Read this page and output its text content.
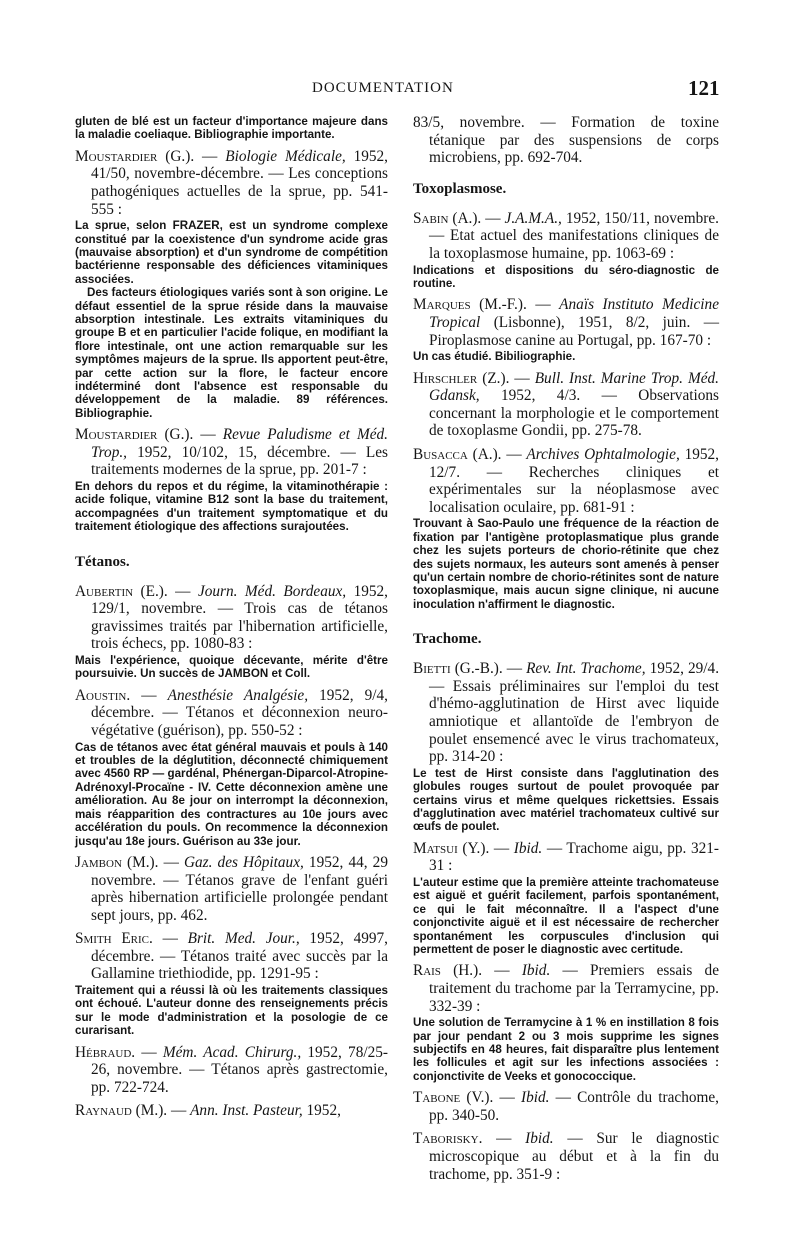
DOCUMENTATION	121

gluten de blé est un facteur d'importance majeure dans la maladie coeliaque. Bibliographie importante.

Moustardier (G.). — Biologie Médicale, 1952, 41/50, novembre-décembre. — Les conceptions pathogéniques actuelles de la sprue, pp. 541-555 :

La sprue, selon FRAZER, est un syndrome complexe constitué par la coexistence d'un syndrome acide gras (mauvaise absorption) et d'un syndrome de compétition bactérienne responsable des déficiences vitaminiques associées.

Des facteurs étiologiques variés sont à son origine. Le défaut essentiel de la sprue réside dans la mauvaise absorption intestinale. Les extraits vitaminiques du groupe B et en particulier l'acide folique, en modifiant la flore intestinale, ont une action remarquable sur les symptômes majeurs de la sprue. Ils apportent peut-être, par cette action sur la flore, le facteur encore indéterminé dont l'absence est responsable du développement de la maladie. 89 références. Bibliographie.

Moustardier (G.). — Revue Paludisme et Méd. Trop., 1952, 10/102, 15, décembre. — Les traitements modernes de la sprue, pp. 201-7 :

En dehors du repos et du régime, la vitaminothérapie : acide folique, vitamine B12 sont la base du traitement, accompagnées d'un traitement symptomatique et du traitement étiologique des affections surajoutées.

Tétanos.
Aubertin (E.). — Journ. Méd. Bordeaux, 1952, 129/1, novembre. — Trois cas de tétanos gravissimes traités par l'hibernation artificielle, trois échecs, pp. 1080-83 :

Mais l'expérience, quoique décevante, mérite d'être poursuivie. Un succès de JAMBON et Coll.

Aoustin. — Anesthésie Analgésie, 1952, 9/4, décembre. — Tétanos et déconnexion neuro-végétative (guérison), pp. 550-52 :

Cas de tétanos avec état général mauvais et pouls à 140 et troubles de la déglutition, déconnecté chimiquement avec 4560 RP — gardénal, Phénergan-Diparcol-Atropine-Adrénoxyl-Procaïne - IV. Cette déconnexion amène une amélioration. Au 8e jour on interrompt la déconnexion, mais réapparition des contractures au 10e jours avec accélération du pouls. On recommence la déconnexion jusqu'au 18e jours. Guérison au 33e jour.

Jambon (M.). — Gaz. des Hôpitaux, 1952, 44, 29 novembre. — Tétanos grave de l'enfant guéri après hibernation artificielle prolongée pendant sept jours, pp. 462.
Smith Eric. — Brit. Med. Jour., 1952, 4997, décembre. — Tétanos traité avec succès par la Gallamine triethiodide, pp. 1291-95 :

Traitement qui a réussi là où les traitements classiques ont échoué. L'auteur donne des renseignements précis sur le mode d'administration et la posologie de ce curarisant.

Hébraud. — Mém. Acad. Chirurg., 1952, 78/25-26, novembre. — Tétanos après gastrectomie, pp. 722-724.
Raynaud (M.). — Ann. Inst. Pasteur, 1952,
83/5, novembre. — Formation de toxine tétanique par des suspensions de corps microbiens, pp. 692-704.
Toxoplasmose.
Sabin (A.). — J.A.M.A., 1952, 150/11, novembre. — Etat actuel des manifestations cliniques de la toxoplasmose humaine, pp. 1063-69 :

Indications et dispositions du séro-diagnostic de routine.

Marques (M.-F.). — Anaïs Instituto Medicine Tropical (Lisbonne), 1951, 8/2, juin. — Piroplasmose canine au Portugal, pp. 167-70 :

Un cas étudié. Bibiliographie.

Hirschler (Z.). — Bull. Inst. Marine Trop. Méd. Gdansk, 1952, 4/3. — Observations concernant la morphologie et le comportement de toxoplasme Gondii, pp. 275-78.
Busacca (A.). — Archives Ophtalmologie, 1952, 12/7. — Recherches cliniques et expérimentales sur la néoplasmose avec localisation oculaire, pp. 681-91 :

Trouvant à Sao-Paulo une fréquence de la réaction de fixation par l'antigène protoplasmatique plus grande chez les sujets porteurs de chorio-rétinite que chez des sujets normaux, les auteurs sont amenés à penser qu'un certain nombre de chorio-rétinites sont de nature toxoplasmique, mais aucun signe clinique, ni aucune inoculation n'affirment le diagnostic.

Trachome.
Bietti (G.-B.). — Rev. Int. Trachome, 1952, 29/4. — Essais préliminaires sur l'emploi du test d'hémo-agglutination de Hirst avec liquide amniotique et allantoïde de l'embryon de poulet ensemencé avec le virus trachomateux, pp. 314-20 :

Le test de Hirst consiste dans l'agglutination des globules rouges surtout de poulet provoquée par certains virus et même quelques rickettsies. Essais d'agglutination avec matériel trachomateux cultivé sur œufs de poulet.

Matsui (Y.). — Ibid. — Trachome aigu, pp. 321-31 :

L'auteur estime que la première atteinte trachomateuse est aiguë et guérit facilement, parfois spontanément, ce qui le fait méconnaître. Il a l'aspect d'une conjonctivite aiguë et il est nécessaire de rechercher spontanément les corpuscules d'inclusion qui permettent de poser le diagnostic avec certitude.

Rais (H.). — Ibid. — Premiers essais de traitement du trachome par la Terramycine, pp. 332-39 :

Une solution de Terramycine à 1 % en instillation 8 fois par jour pendant 2 ou 3 mois supprime les signes subjectifs en 48 heures, fait disparaître plus lentement les follicules et agit sur les infections associées : conjonctivite de Veeks et gonococcique.

Tabone (V.). — Ibid. — Contrôle du trachome, pp. 340-50.
Taborisky. — Ibid. — Sur le diagnostic microscopique au début et à la fin du trachome, pp. 351-9 :
